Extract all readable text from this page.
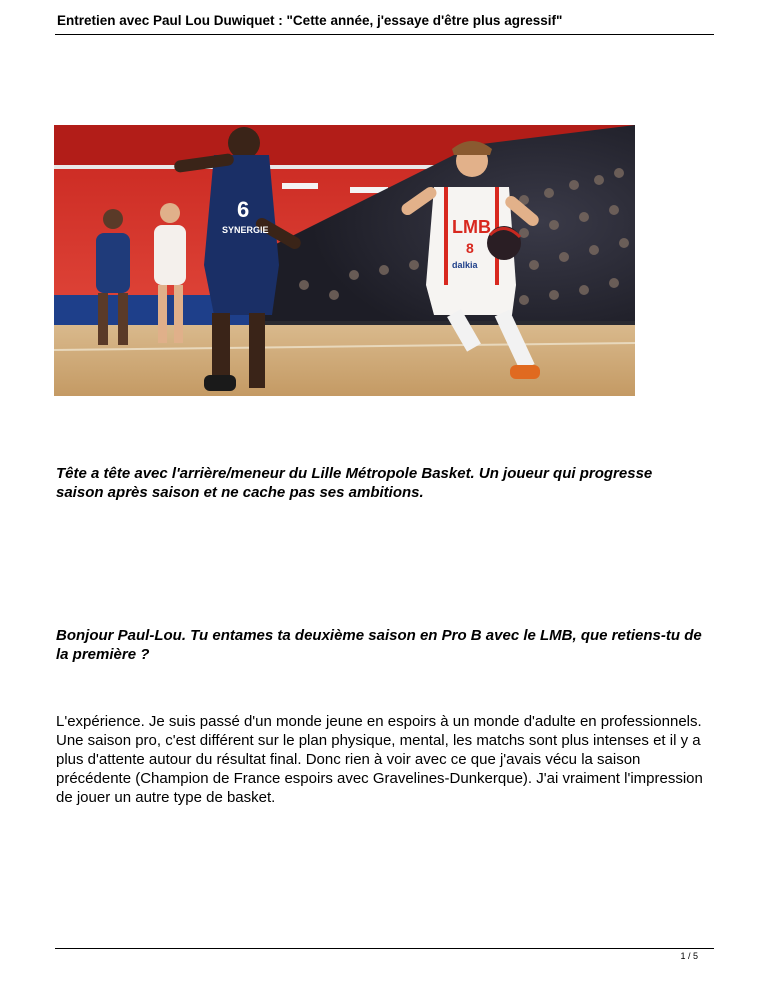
Entretien avec Paul Lou Duwiquet : "Cette année, j'essaye d'être plus agressif"
6
SYNERGIE	LMB
8
dalkia
Tête a tête avec l'arrière/meneur du Lille Métropole Basket. Un joueur qui progresse saison après saison et ne cache pas ses ambitions.
Bonjour Paul-Lou. Tu entames ta deuxième saison en Pro B avec le LMB, que retiens-tu de la première ?
L'expérience. Je suis passé d'un monde jeune en espoirs à un monde d'adulte en professionnels. Une saison pro, c'est différent sur le plan physique, mental, les matchs sont plus intenses et il y a plus d'attente autour du résultat final. Donc rien à voir avec ce que j'avais vécu la saison précédente (Champion de France espoirs avec Gravelines-Dunkerque). J'ai vraiment l'impression de jouer un autre type de basket.
1 / 5
